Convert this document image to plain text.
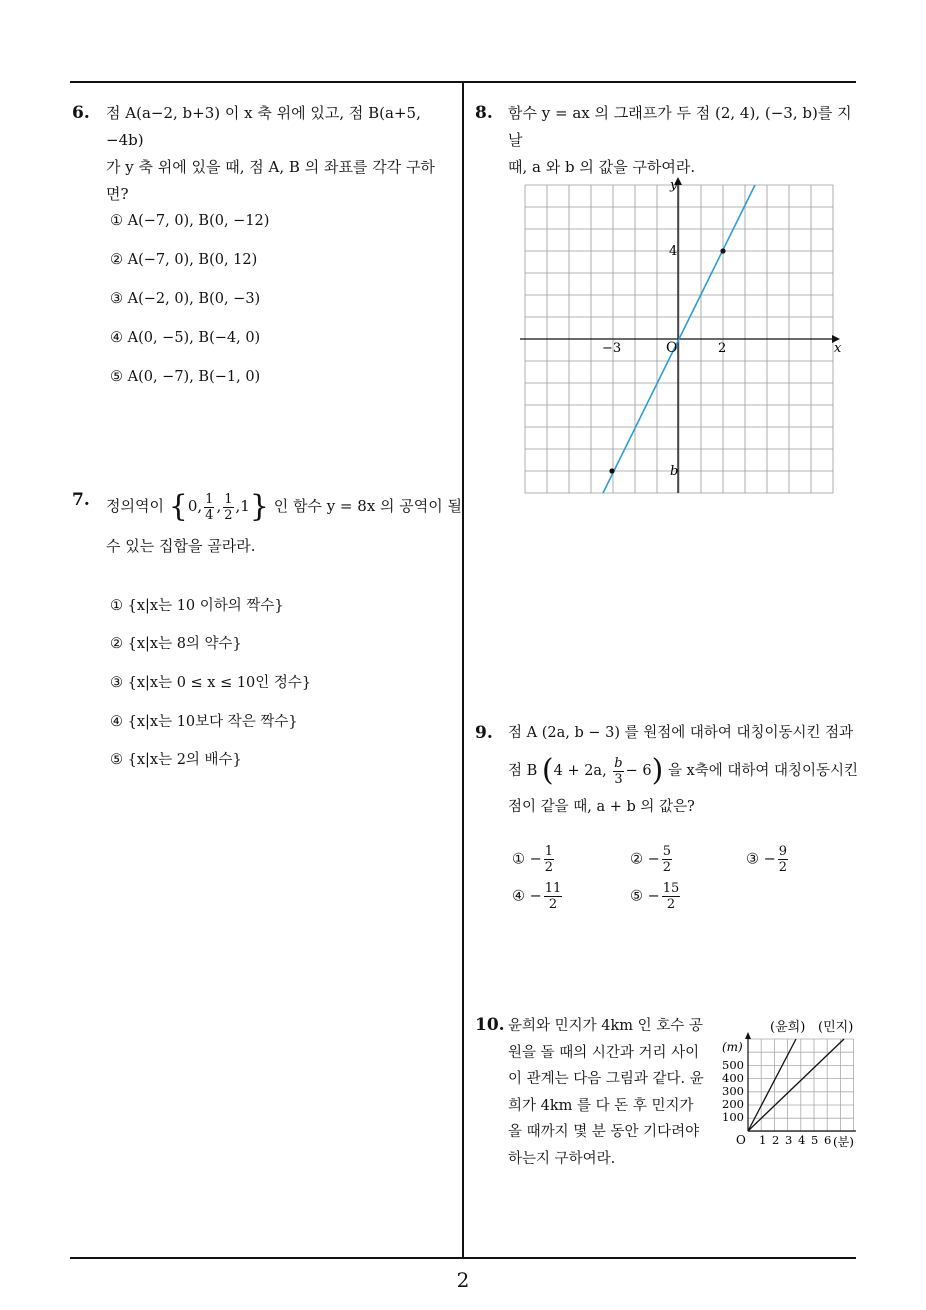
6. 점 A(a−2, b+3) 이 x 축 위에 있고, 점 B(a+5, −4b)
가 y 축 위에 있을 때, 점 A, B 의 좌표를 각각 구하
면?
① A(−7, 0), B(0, −12)
② A(−7, 0), B(0, 12)
③ A(−2, 0), B(0, −3)
④ A(0, −5), B(−4, 0)
⑤ A(0, −7), B(−1, 0)
7. 정의역이 {0, $\frac{1}{4}$ , $\frac{1}{2} ,1$} 인 함수 y = 8x 의 공역이 될
수 있는 집합을 골라라.
① {x|x는 10 이하의 짝수}
② {x|x는 8의 약수}
③ {x|x는 0 ≤ x ≤ 10인 정수}
④ {x|x는 10보다 작은 짝수}
⑤ {x|x는 2의 배수}
8. 함수 y = ax 의 그래프가 두 점 (2, 4), (−3, b)를 지날
때, a 와 b 의 값을 구하여라.
x
y
O
−3	2
4
b
9. 점 A (2a, b − 3) 를 원점에 대하여 대칭이동시킨 점과
점 B (4 + 2a, $\frac{b}{3} - 6$) 을 x축에 대하여 대칭이동시킨
점이 같을 때, a + b 의 값은?
① − $\frac{1}{2}$	② − $\frac{5}{2}$	③ − $\frac{9}{2}$
④ − $\frac{11}{2}$	⑤ − $\frac{15}{2}$
10. 윤희와 민지가 4km 인 호수 공
원을 돌 때의 시간과 거리 사이
이 관계는 다음 그림과 같다. 윤
희가 4km 를 다 돈 후 민지가
올 때까지 몇 분 동안 기다려야
하는지 구하여라.
(윤희) (민지)
(m)
500
400
300
200
100
O 1 2 3 4 5 6 (분)
2
